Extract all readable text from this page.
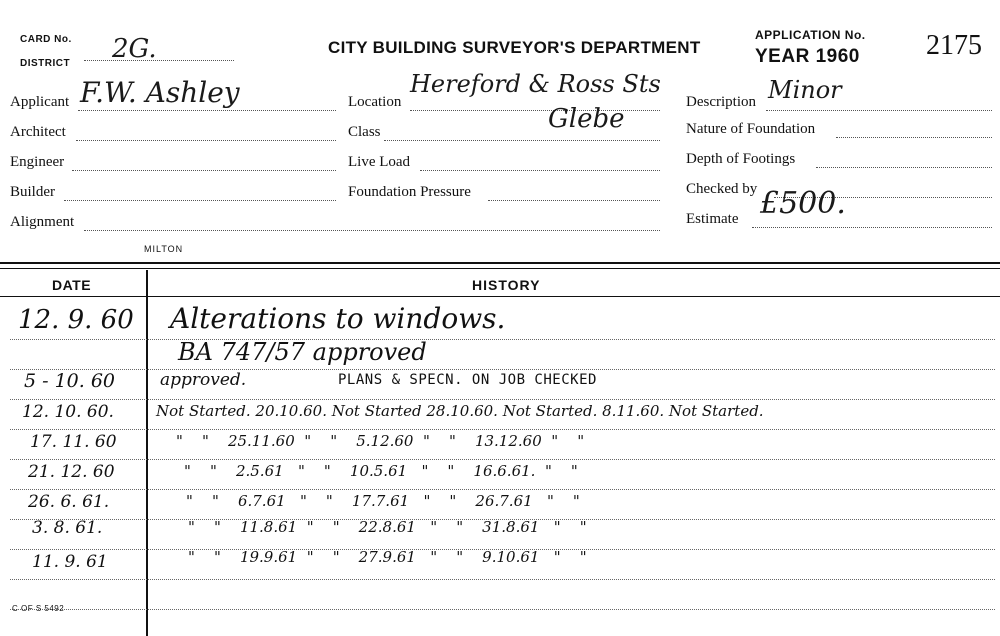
CARD No.
DISTRICT 2G.	CITY BUILDING SURVEYOR'S DEPARTMENT
APPLICATION No.
YEAR 1960 2175
Applicant F.W. Ashley
Architect
Engineer
Builder
Alignment
MILTON
Location
Hereford & Ross Sts
Class	Glebe
Live Load
Foundation Pressure
Description Minor
Nature of Foundation
Depth of Footings
Checked by
Estimate £500.
DATE	HISTORY
12. 9. 60 Alterations to windows.
BA 747/57 approved
5 - 10. 60	approved.	PLANS & SPECN. ON JOB CHECKED
12. 10. 60.	Not Started. 20.10.60. Not Started 28.10.60. Not Started. 8.11.60. Not Started.
17. 11. 60	"    "    25.11.60  "    "    5.12.60  "    "    13.12.60  "    "
21. 12. 60	"    "    2.5.61   "    "    10.5.61   "    "    16.6.61.  "    "
26. 6. 61.	"    "    6.7.61   "    "    17.7.61   "    "    26.7.61   "    "
3. 8. 61.	"    "    11.8.61  "    "    22.8.61   "    "    31.8.61   "    "
11. 9. 61	"    "    19.9.61  "    "    27.9.61   "    "    9.10.61   "    "
C OF S 5492
